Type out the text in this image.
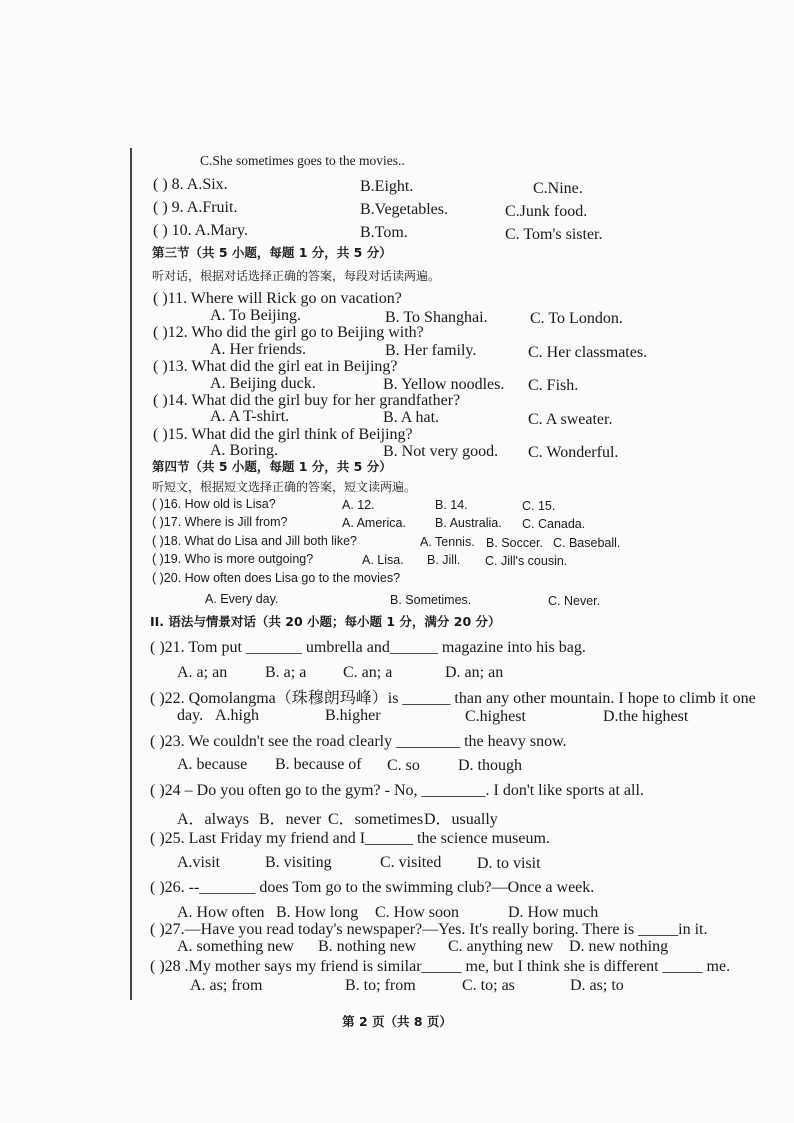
C.She sometimes goes to the movies..
( ) 8. A.Six.	B.Eight.	C.Nine.
( ) 9. A.Fruit.	B.Vegetables.	C.Junk food.
( ) 10. A.Mary.	B.Tom.	C. Tom's sister.
第三节（共 5 小题，每题 1 分，共 5 分）
听对话，根据对话选择正确的答案，每段对话读两遍。
( )11. Where will Rick go on vacation?
A. To Beijing.	B. To Shanghai.	C. To London.
( )12. Who did the girl go to Beijing with?
A. Her friends.	B. Her family.	C. Her classmates.
( )13. What did the girl eat in Beijing?
A. Beijing duck.	B. Yellow noodles. C. Fish.
( )14. What did the girl buy for her grandfather?
A. A T-shirt.	B. A hat.	C. A sweater.
( )15. What did the girl think of Beijing?
A. Boring.	B. Not very good. C. Wonderful.
第四节（共 5 小题，每题 1 分，共 5 分）
听短文，根据短文选择正确的答案，短文读两遍。
( )16. How old is Lisa?	A. 12.	B. 14.	C. 15.
( )17. Where is Jill from?	A. America. B. Australia. C. Canada.
( )18. What do Lisa and Jill both like?	A. Tennis. B. Soccer. C. Baseball.
( )19. Who is more outgoing?	A. Lisa. B. Jill. C. Jill's cousin.
( )20. How often does Lisa go to the movies?
A. Every day.	B. Sometimes.	C. Never.
II. 语法与情景对话（共 20 小题；每小题 1 分，满分 20 分）
( )21. Tom put _______ umbrella and______ magazine into his bag.
A. a; an B. a; a C. an; a	D. an; an
( )22. Qomolangma（珠穆朗玛峰）is ______ than any other mountain. I hope to climb it one
day. A.high	B.higher	C.highest	D.the highest
( )23. We couldn't see the road clearly ________ the heavy snow.
A. because B. because of C. so D. though
( )24 – Do you often go to the gym? - No, ________. I don't like sports at all.
A．always B．never C．sometimes D．usually
( )25. Last Friday my friend and I______ the science museum.
A.visit	B. visiting	C. visited D. to visit
( )26. --_______ does Tom go to the swimming club?—Once a week.
A. How often B. How long C. How soon	D. How much
( )27.—Have you read today's newspaper?—Yes. It's really boring. There is _____in it.
A. something new B. nothing new C. anything new D. new nothing
( )28 .My mother says my friend is similar_____ me, but I think she is different _____ me.
A. as; from	B. to; from	C. to; as	D. as; to
第 2 页（共 8 页）
